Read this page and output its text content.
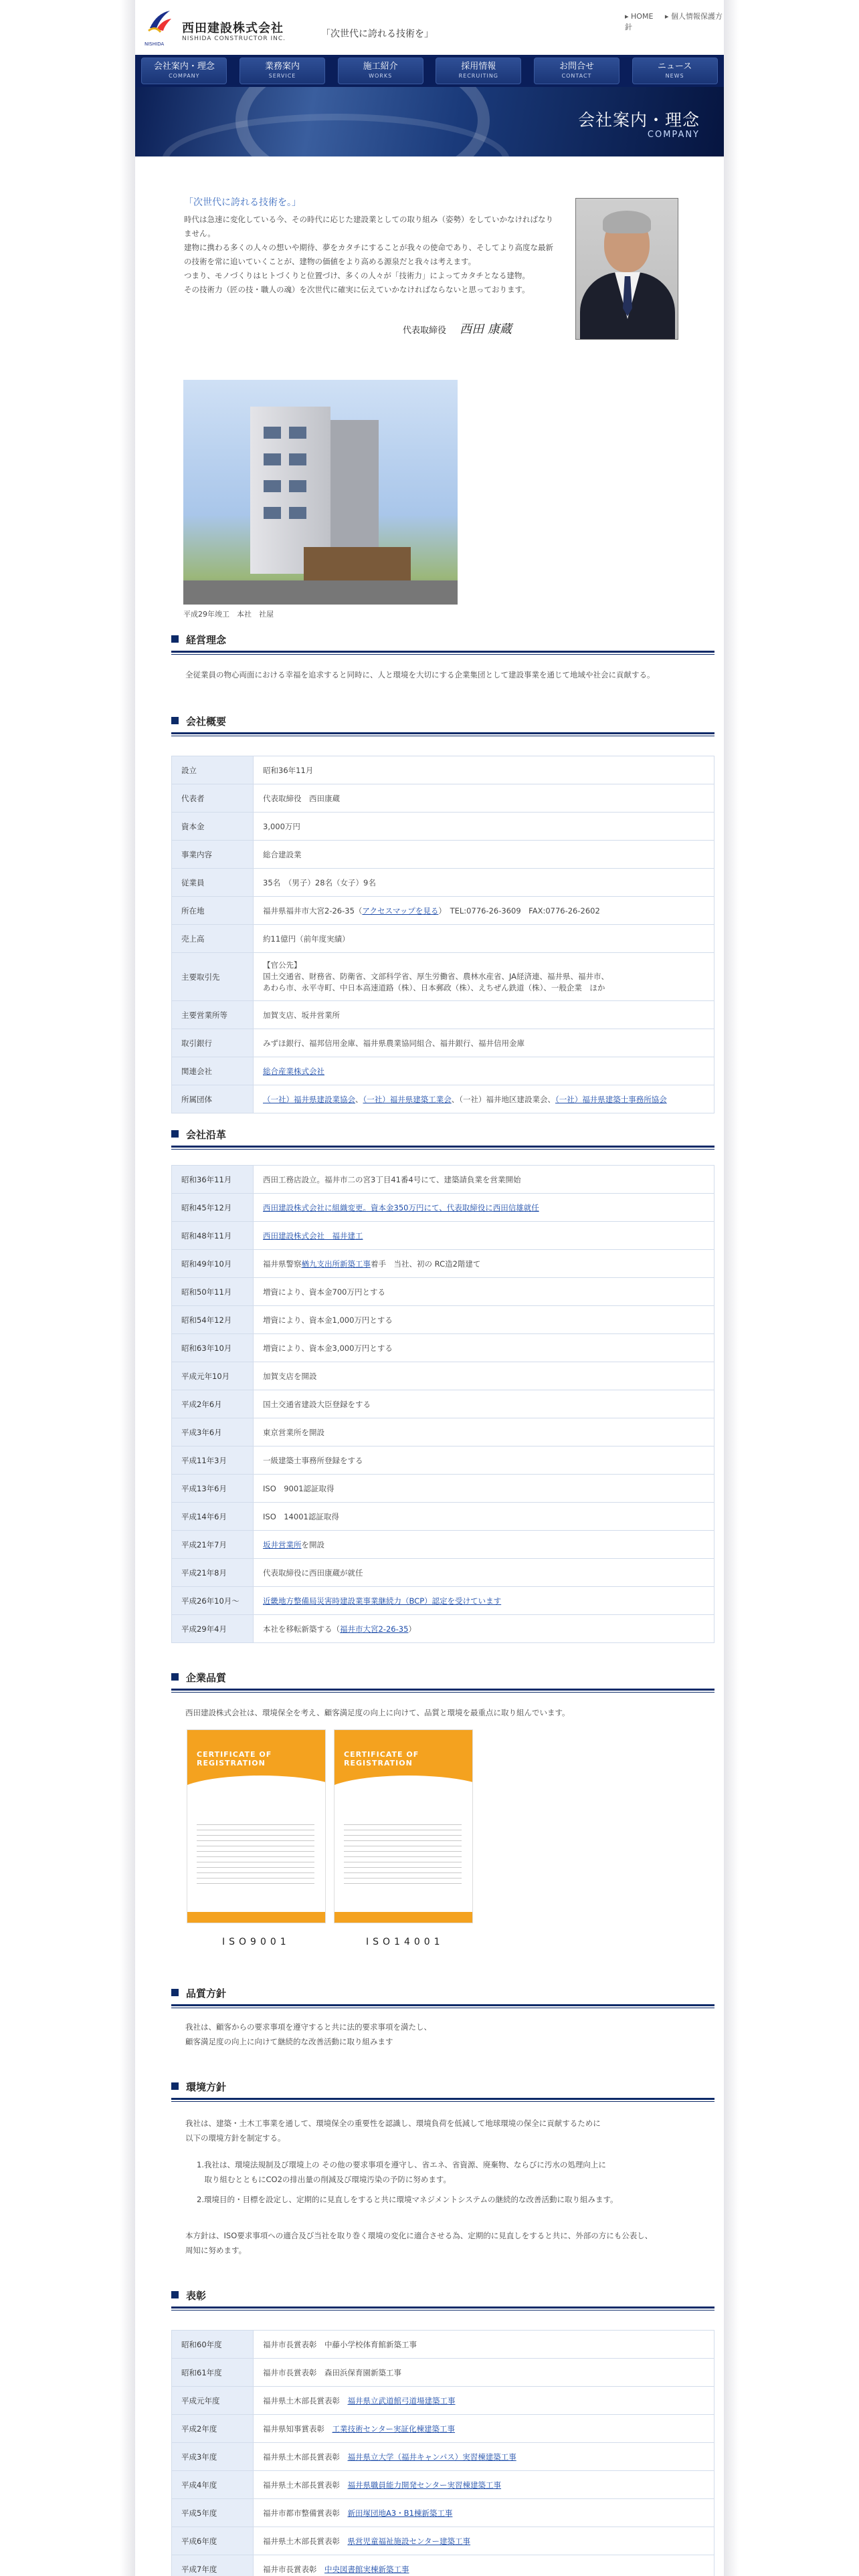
NISHIDA
西田建設株式会社
NISHIDA CONSTRUCTOR INC.	「次世代に誇れる技術を」
▸ HOME ▸ 個人情報保護方針
会社案内・理念
COMPANY
業務案内
SERVICE
施工紹介
WORKS
採用情報
RECRUITING
お問合せ
CONTACT
ニュース
NEWS
会社案内・理念
COMPANY
「次世代に誇れる技術を。」

時代は急速に変化している今、その時代に応じた建設業としての取り組み（姿勢）をしていかなければなりません。

建物に携わる多くの人々の想いや期待、夢をカタチにすることが我々の使命であり、そしてより高度な最新の技術を常に追いていくことが、建物の価値をより高める源泉だと我々は考えます。

つまり、モノづくりはヒトづくりと位置づけ、多くの人々が「技術力」によってカタチとなる建物。

その技術力（匠の技・職人の魂）を次世代に確実に伝えていかなければならないと思っております。

代表取締役 西田 康蔵
平成29年竣工　本社　社屋
経営理念
全従業員の物心両面における幸福を追求すると同時に、人と環境を大切にする企業集団として建設事業を通じて地域や社会に貢献する。
会社概要
設立	昭和36年11月
代表者	代表取締役　西田康蔵
資本金	3,000万円
事業内容	総合建設業
従業員	35名　（男子）28名（女子）9名
所在地	福井県福井市大宮2-26-35（アクセスマップを見る）　TEL:0776-26-3609　FAX:0776-26-2602
売上高	約11億円（前年度実績）
主要取引先	【官公先】
国土交通省、財務省、防衛省、文部科学省、厚生労働省、農林水産省、JA経済連、福井県、福井市、
あわら市、永平寺町、中日本高速道路（株）、日本郵政（株）、えちぜん鉄道（株）、一般企業　ほか

主要営業所等	加賀支店、坂井営業所
取引銀行	みずほ銀行、福邦信用金庫、福井県農業協同組合、福井銀行、福井信用金庫
関連会社	総合産業株式会社
所属団体	（一社）福井県建設業協会、（一社）福井県建築工業会、（一社）福井地区建設業会、（一社）福井県建築士事務所協会
会社沿革
昭和36年11月	西田工務店設立。福井市二の宮3丁目41番4号にて、建築請負業を営業開始
昭和45年12月	西田建設株式会社に組織変更。資本金350万円にて、代表取締役に西田信雄就任
昭和48年11月	西田建設株式会社　福井建工
昭和49年10月	福井県警察楢九支出所新築工事着手　当社、初の RC造2階建て
昭和50年11月	増資により、資本金700万円とする
昭和54年12月	増資により、資本金1,000万円とする
昭和63年10月	増資により、資本金3,000万円とする
平成元年10月	加賀支店を開設
平成2年6月	国土交通省建設大臣登録をする
平成3年6月	東京営業所を開設
平成11年3月	一級建築士事務所登録をする
平成13年6月	ISO　9001認証取得
平成14年6月	ISO　14001認証取得
平成21年7月	坂井営業所を開設
平成21年8月	代表取締役に西田康蔵が就任
平成26年10月〜	近畿地方整備局災害時建設業事業継続力（BCP）認定を受けています
平成29年4月	本社を移転新築する（福井市大宮2-26-35）
企業品質
西田建設株式会社は、環境保全を考え、顧客満足度の向上に向けて、品質と環境を最重点に取り組んでいます。
CERTIFICATE OF REGISTRATION
CERTIFICATE OF REGISTRATION
ISO9001	ISO14001
品質方針

我社は、顧客からの要求事項を遵守すると共に法的要求事項を満たし、

顧客満足度の向上に向けて継続的な改善活動に取り組みます

環境方針

我社は、建築・土木工事業を通して、環境保全の重要性を認識し、環境負荷を低減して地球環境の保全に貢献するために

以下の環境方針を制定する。

1.我社は、環境法規制及び環境上の その他の要求事項を遵守し、省エネ、省資源、廃棄物、ならびに汚水の処理向上に
　取り組むとともにCO2の排出量の削減及び環境汚染の予防に努めます。
2.環境目的・目標を設定し、定期的に見直しをすると共に環境マネジメントシステムの継続的な改善活動に取り組みます。

本方針は、ISO要求事項への適合及び当社を取り巻く環境の変化に適合させる為、定期的に見直しをすると共に、外部の方にも公表し、

周知に努めます。

表彰
昭和60年度	福井市長賞表彰　中藤小学校体育館新築工事
昭和61年度	福井市長賞表彰　森田浜保育園新築工事
平成元年度	福井県土木部長賞表彰　福井県立武道館弓道場建築工事
平成2年度	福井県知事賞表彰　工業技術センター実証化棟建築工事
平成3年度	福井県土木部長賞表彰　福井県立大学（福井キャンパス）実習棟建築工事
平成4年度	福井県土木部長賞表彰　福井県職員能力開発センター実習棟建築工事
平成5年度	福井市都市整備賞表彰　新田塚団地A3・B1棟新築工事
平成6年度	福井県土木部長賞表彰　県営児童福祉施設センター建築工事
平成7年度	福井市長賞表彰　中央図書館実棟新築工事
